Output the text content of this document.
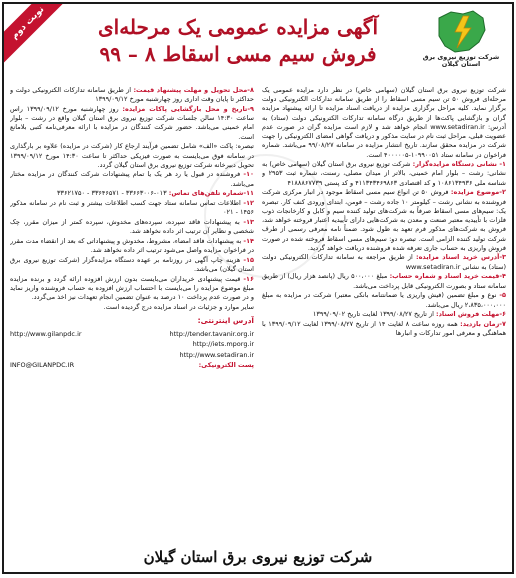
نوبت دوم
شرکت توزیع نیروی برق
استان گیلان
آگهی مزایده عمومی یک مرحله‌ای
فروش سیم مسی اسقاط ۸ – ۹۹

شرکت توزیع نیروی برق استان گیلان (سهامی خاص) در نظر دارد مزایده عمومی یک مرحله‌ای فروش ۵۰ تن سیم مسی اسقاط را از طریق سامانه تدارکات الکترونیکی دولت برگزار نماید. کلیه مراحل برگزاری مزایده از دریافت اسناد مزایده تا ارائه پیشنهاد مزایده گران و بازگشایی پاکت‌ها از طریق درگاه سامانه تدارکات الکترونیکی دولت (ستاد) به آدرس: www.setadiran.ir انجام خواهد شد و لازم است مزایده گران در صورت عدم عضویت قبلی، مراحل ثبت نام در سایت مذکور و دریافت گواهی امضای الکترونیکی را جهت شرکت در مزایده محقق سازند. تاریخ انتشار مزایده در سامانه ۹۹/۰۸/۲۷ می‌باشد. شماره فراخوان در سامانه ستاد ۱۰۹۹۰۰۵۱-۴۰۰۰۰۰۵ است.

۱- نشانی دستگاه مزایده‌گزار: شرکت توزیع نیروی برق استان گیلان (سهامی خاص) به نشانی: رشت – بلوار امام خمینی، بالاتر از میدان مصلی، رسنت، شماره ثبت ۲۹۵۳ و شناسه ملی ۱۰۸۶۱۳۴۹۳۶ و کد اقتصادی ۴۱۱۳۴۳۴۶۹۸۶۳ و کد پستی ۴۱۸۸۸۶۷۷۳۹

۲-موضوع مزایده: فروش ۵۰ تن انواع سیم مسی اسقاط موجود در انبار مرکزی شرکت فروشنده به نشانی رشت – کیلومتر ۱۰ جاده رشت – فومن، ابتدای ورودی کنف کار. تبصره یک: سیم‌های مسی اسقاط صرفاً به شرکت‌های تولید کننده سیم و کابل و کارخانجات ذوب فلزات با تأییدیه معتبر صنعت و معدن به شرکت‌هایی دارای تأییدیه اعتبار فروخته خواهد شد، فروش به شرکت‌های مذکور فرم تعهد به طول شود. ضمناً نامه معرفی رسمی از طرف شرکت تولید کننده الزامی است. تبصره دو: سیم‌های مسی اسقاط فروخته شده در صورت فروش واریزی به حساب جاری تعرفه شده فروشنده دریافت خواهد گردید.

۳-آدرس خرید اسناد مزایده: از طریق مراجعه به سامانه تدارکات الکترونیکی دولت (ستاد) به نشانی www.setadiran.ir

۴-قیمت خرید اسناد و شماره حساب: مبلغ ۵۰۰،۰۰۰ ریال (پانصد هزار ریال) از طریق سامانه ستاد و بصورت الکترونیکی قابل پرداخت می‌باشد.

۵- نوع و مبلغ تضمین (فیش واریزی یا ضمانتنامه بانکی معتبر) شرکت در مزایده به مبلغ ۲،۸۳۵،۰۰۰،۰۰۰ ریال می‌باشد.

۶-مهلت فروش اسناد: از تاریخ ۱۳۹۹/۰۸/۲۷ لغایت تاریخ ۱۳۹۹/۰۹/۰۲

۷-زمان بازدید: همه روزه ساعت ۸ لغایت ۱۴ از تاریخ ۱۳۹۹/۰۸/۲۷ لغایت ۱۳۹۹/۰۹/۱۲ با هماهنگی و معرفی امور تدارکات و انبارها

۸-محل تحویل و مهلت پیشنهاد قیمت: از طریق سامانه تدارکات الکترونیکی دولت و حداکثر تا پایان وقت اداری روز چهارشنبه مورخ ۱۳۹۹/۰۹/۱۲

۹-تاریخ و محل بازگشایی پاکات مزایده: روز چهارشنبه مورخ ۱۳۹۹/۰۹/۱۲ راس ساعت ۱۴:۳۰ سالن جلسات شرکت توزیع نیروی برق استان گیلان واقع در رشت – بلوار امام خمینی می‌باشد. حضور شرکت کنندگان در مزایده با ارائه معرفی‌نامه کتبی بلامانع است.

تبصره: پاکت «الف» شامل تضمین فرآیند ارجاع کار (شرکت در مزایده) علاوه بر بارگذاری در سامانه فوق می‌بایست به صورت فیزیکی حداکثر تا ساعت ۱۴:۳۰ مورخ ۱۳۹۹/۰۹/۱۲ تحویل دبیرخانه شرکت توزیع نیروی برق استان گیلان گردد.

۱۰- فروشنده در قبول یا رد هر یک یا تمام پیشنهادات شرکت کنندگان در مزایده مختار می‌باشد.

۱۱-شماره تلفن‌های تماس: ۰۱۳-۳۳۶۶۳۰۰۶ - ۳۳۶۴۶۵۷۱ - ۳۳۶۲۱۷۵۰

۱۲- اطلاعات تماس سامانه ستاد جهت کسب اطلاعات بیشتر و ثبت نام در سامانه مذکور ۱۴۵۶ - ۰۲۱

۱۳- به پیشنهادات فاقد سپرده، سپرده‌های مخدوش، سپرده کمتر از میزان مقرر، چک شخصی و نظایر آن ترتیب اثر داده نخواهد شد.

۱۴- به پیشنهادات فاقد امضاء، مشروط، مخدوش و پیشنهاداتی که بعد از انقضاء مدت مقرر در فراخوان مزایده واصل می‌شود ترتیب اثر داده نخواهد شد.

۱۵- هزینه چاپ آگهی در روزنامه بر عهده دستگاه مزایده‌گزار (شرکت توزیع نیروی برق استان گیلان) می‌باشد.

۱۶- قیمت پیشنهادی خریداران می‌بایست بدون ارزش افزوده ارائه گردد و برنده مزایده مبلغ موضوع مزایده را می‌بایست با احتساب ارزش افزوده به حساب فروشنده واریز نماید و در صورت عدم پرداخت ۱۰ درصد به عنوان تضمین انجام تعهدات نیز اخذ می‌گردد.

سایر موارد و جزئیات در اسناد مزایده درج گردیده است.

آدرس اینترنتی:
http://www.gilanpdc.ir	http://tender.tavanir.org.ir
http://iets.mporg.ir
http://www.setadiran.ir
INFO@GILANPDC.IR	پست الکترونیکی:
شرکت توزیع نیروی برق استان گیلان
